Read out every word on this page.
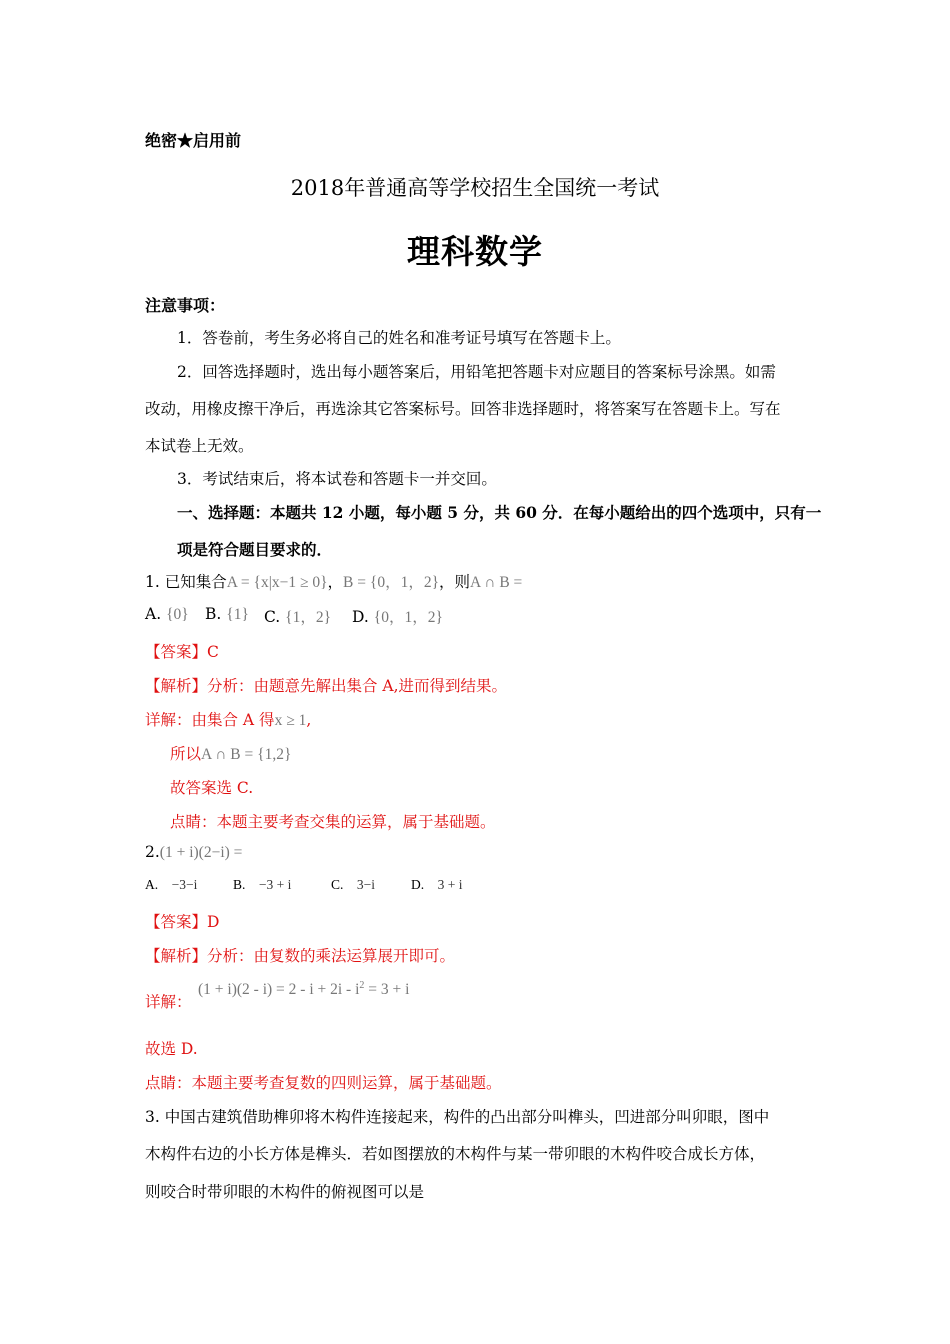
绝密★启用前
2018年普通高等学校招生全国统一考试
理科数学
注意事项：
1．答卷前，考生务必将自己的姓名和准考证号填写在答题卡上。
2．回答选择题时，选出每小题答案后，用铅笔把答题卡对应题目的答案标号涂黑。如需
改动，用橡皮擦干净后，再选涂其它答案标号。回答非选择题时，将答案写在答题卡上。写在
本试卷上无效。
3．考试结束后，将本试卷和答题卡一并交回。
一、选择题：本题共 12 小题，每小题 5 分，共 60 分．在每小题给出的四个选项中，只有一
项是符合题目要求的．
1. 已知集合A = {x|x−1 ≥ 0}，B = {0，1，2}，则A ∩ B =
A. {0} B. {1} C. {1，2} D. {0，1，2}
【答案】C
【解析】分析：由题意先解出集合 A,进而得到结果。
详解：由集合 A 得x ≥ 1,
所以A ∩ B = {1,2}
故答案选 C.
点睛：本题主要考查交集的运算，属于基础题。
2.(1 + i)(2−i) =
A. −3−i	B. −3 + i	C. 3−i	D. 3 + i
【答案】D
【解析】分析：由复数的乘法运算展开即可。
详解：
$(1 + i)(2 - i) = 2 - i + 2i - i^2 = 3 + i$
故选 D.
点睛：本题主要考查复数的四则运算，属于基础题。
3. 中国古建筑借助榫卯将木构件连接起来，构件的凸出部分叫榫头，凹进部分叫卯眼，图中
木构件右边的小长方体是榫头．若如图摆放的木构件与某一带卯眼的木构件咬合成长方体，
则咬合时带卯眼的木构件的俯视图可以是
